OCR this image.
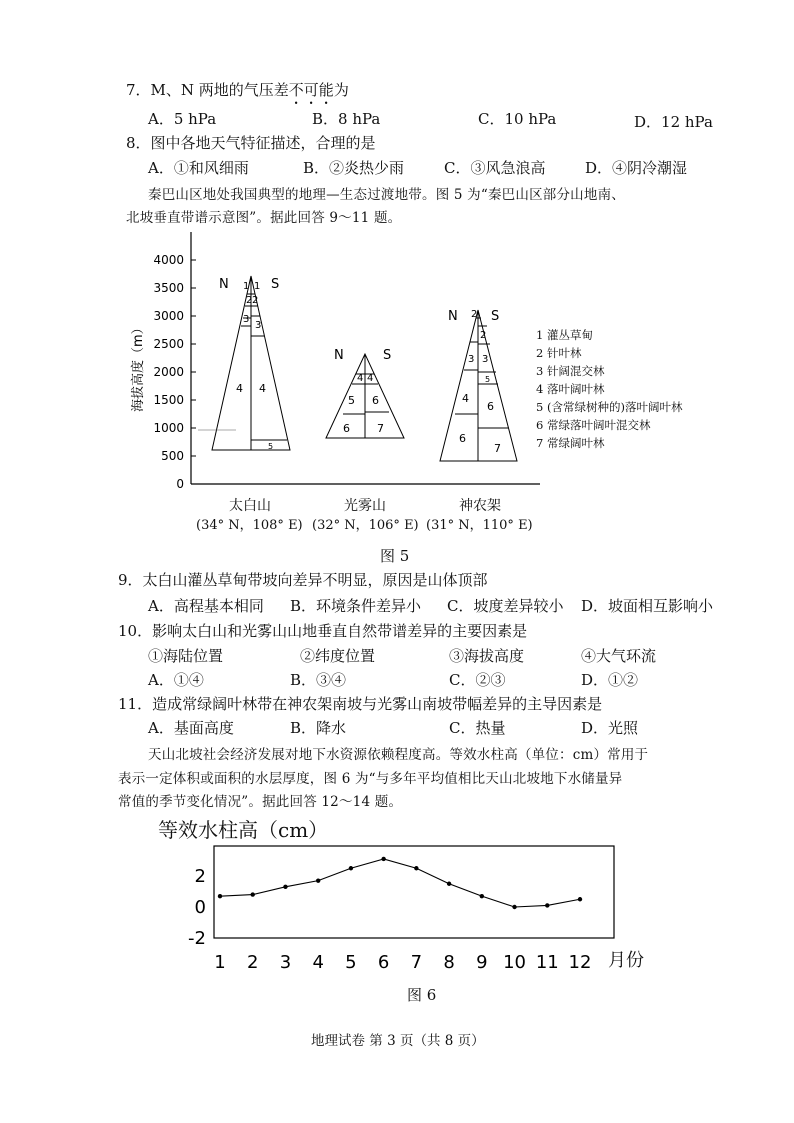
7．M、N 两地的气压差不可能为
A．5 hPa	B．8 hPa	C．10 hPa	D．12 hPa
8．图中各地天气特征描述，合理的是
A．①和风细雨	B．②炎热少雨	C．③风急浪高	D．④阴冷潮湿
秦巴山区地处我国典型的地理—生态过渡地带。图 5 为“秦巴山区部分山地南、
北坡垂直带谱示意图”。据此回答 9～11 题。
4000
3500
3000
2500
2000
1500
1000
500
0
海拔高度（m）
1 1
2 2
3
3
4 4
5
N	S
4 4
5 6
6 7
N	S
2
2
3 3
5
4
6
6
7
N	S
太白山	光雾山	神农架
(34° N，108° E) (32° N，106° E) (31° N，110° E)
1 灌丛草甸
2 针叶林
3 针阔混交林
4 落叶阔叶林
5 (含常绿树种的)落叶阔叶林
6 常绿落叶阔叶混交林
7 常绿阔叶林
图 5
9．太白山灌丛草甸带坡向差异不明显，原因是山体顶部
A．高程基本相同 B．环境条件差异小 C．坡度差异较小 D．坡面相互影响小
10．影响太白山和光雾山山地垂直自然带谱差异的主要因素是
①海陆位置	②纬度位置	③海拔高度	④大气环流
A．①④	B．③④	C．②③	D．①②
11．造成常绿阔叶林带在神农架南坡与光雾山南坡带幅差异的主导因素是
A．基面高度	B．降水	C．热量	D．光照
天山北坡社会经济发展对地下水资源依赖程度高。等效水柱高（单位：cm）常用于
表示一定体积或面积的水层厚度，图 6 为“与多年平均值相比天山北坡地下水储量异
常值的季节变化情况”。据此回答 12～14 题。
等效水柱高（cm）
2
0
-2
1 2 3 4 5 6 7 8 9 10 11 12 月份
图 6
地理试卷 第 3 页（共 8 页）
